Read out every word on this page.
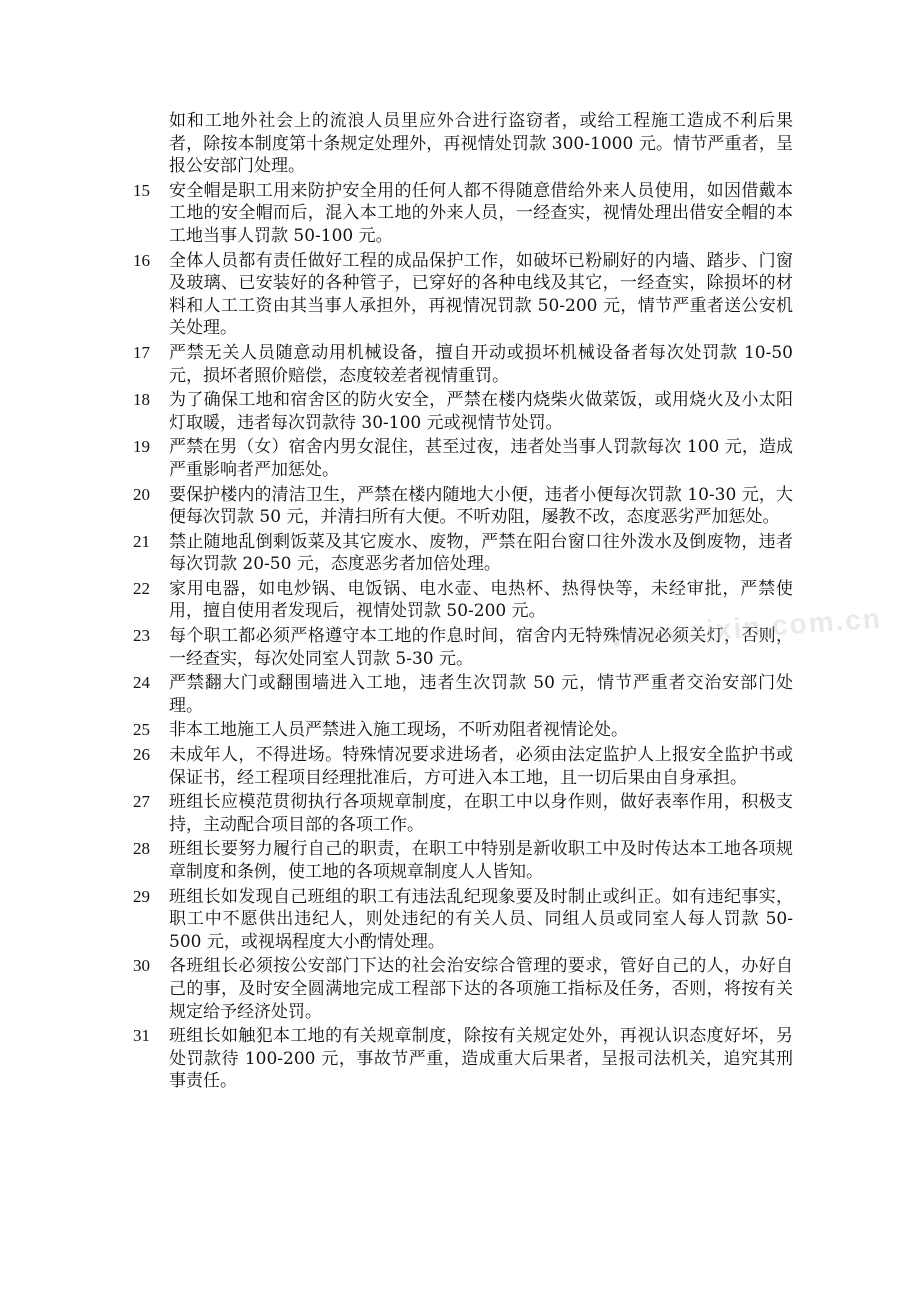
如和工地外社会上的流浪人员里应外合进行盗窃者，或给工程施工造成不利后果者，除按本制度第十条规定处理外，再视情处罚款 300-1000 元。情节严重者，呈报公安部门处理。
15	安全帽是职工用来防护安全用的任何人都不得随意借给外来人员使用，如因借戴本工地的安全帽而后，混入本工地的外来人员，一经查实，视情处理出借安全帽的本工地当事人罚款 50-100 元。
16	全体人员都有责任做好工程的成品保护工作，如破坏已粉刷好的内墙、踏步、门窗及玻璃、已安装好的各种管子，已穿好的各种电线及其它，一经查实，除损坏的材料和人工工资由其当事人承担外，再视情况罚款 50-200 元，情节严重者送公安机关处理。
17	严禁无关人员随意动用机械设备，擅自开动或损坏机械设备者每次处罚款 10-50 元，损坏者照价赔偿，态度较差者视情重罚。
18	为了确保工地和宿舍区的防火安全，严禁在楼内烧柴火做菜饭，或用烧火及小太阳灯取暖，违者每次罚款待 30-100 元或视情节处罚。
19	严禁在男（女）宿舍内男女混住，甚至过夜，违者处当事人罚款每次 100 元，造成严重影响者严加惩处。
20	要保护楼内的清洁卫生，严禁在楼内随地大小便，违者小便每次罚款 10-30 元，大便每次罚款 50 元，并清扫所有大便。不听劝阻，屡教不改，态度恶劣严加惩处。
21	禁止随地乱倒剩饭菜及其它废水、废物，严禁在阳台窗口往外泼水及倒废物，违者每次罚款 20-50 元，态度恶劣者加倍处理。
22	家用电器，如电炒锅、电饭锅、电水壶、电热杯、热得快等，未经审批，严禁使用，擅自使用者发现后，视情处罚款 50-200 元。
23	每个职工都必须严格遵守本工地的作息时间，宿舍内无特殊情况必须关灯，否则，一经查实，每次处同室人罚款 5-30 元。
24	严禁翻大门或翻围墙进入工地，违者生次罚款 50 元，情节严重者交治安部门处理。
25	非本工地施工人员严禁进入施工现场，不听劝阻者视情论处。
26	未成年人，不得进场。特殊情况要求进场者，必须由法定监护人上报安全监护书或保证书，经工程项目经理批准后，方可进入本工地，且一切后果由自身承担。
27	班组长应模范贯彻执行各项规章制度，在职工中以身作则，做好表率作用，积极支持，主动配合项目部的各项工作。
28	班组长要努力履行自己的职责，在职工中特别是新收职工中及时传达本工地各项规章制度和条例，使工地的各项规章制度人人皆知。
29	班组长如发现自己班组的职工有违法乱纪现象要及时制止或纠正。如有违纪事实，职工中不愿供出违纪人，则处违纪的有关人员、同组人员或同室人每人罚款 50-500 元，或视埚程度大小酌情处理。
30	各班组长必须按公安部门下达的社会治安综合管理的要求，管好自己的人，办好自己的事，及时安全圆满地完成工程部下达的各项施工指标及任务，否则，将按有关规定给予经济处罚。
31	班组长如触犯本工地的有关规章制度，除按有关规定处外，再视认识态度好坏，另处罚款待 100-200 元，事故节严重，造成重大后果者，呈报司法机关，追究其刑事责任。
www.zixin.com.cn
